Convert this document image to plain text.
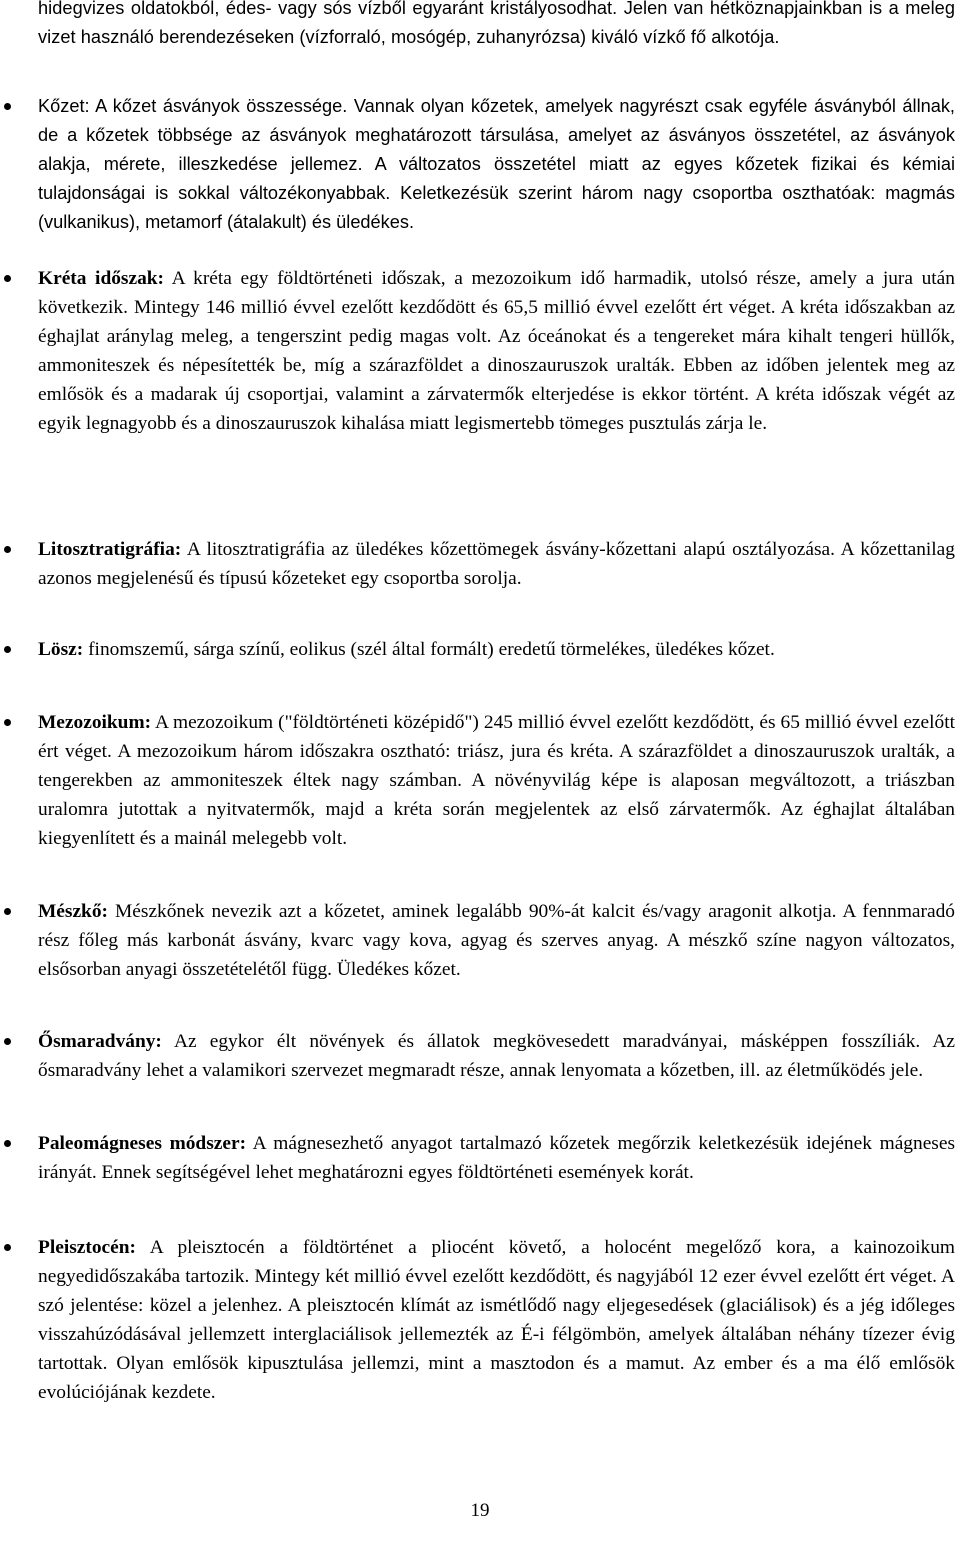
hidegvizes oldatokból, édes- vagy sós vízből egyaránt kristályosodhat. Jelen van hétköznapjainkban is a meleg vizet használó berendezéseken (vízforraló, mosógép, zuhanyrózsa) kiváló vízkő fő alkotója.

Kőzet: A kőzet ásványok összessége. Vannak olyan kőzetek, amelyek nagyrészt csak egyféle ásványból állnak, de a kőzetek többsége az ásványok meghatározott társulása, amelyet az ásványos összetétel, az ásványok alakja, mérete, illeszkedése jellemez. A változatos összetétel miatt az egyes kőzetek fizikai és kémiai tulajdonságai is sokkal változékonyabbak. Keletkezésük szerint három nagy csoportba oszthatóak: magmás (vulkanikus), metamorf (átalakult) és üledékes.

Kréta időszak: A kréta egy földtörténeti időszak, a mezozoikum idő harmadik, utolsó része, amely a jura után következik. Mintegy 146 millió évvel ezelőtt kezdődött és 65,5 millió évvel ezelőtt ért véget. A kréta időszakban az éghajlat aránylag meleg, a tengerszint pedig magas volt. Az óceánokat és a tengereket mára kihalt tengeri hüllők, ammoniteszek és népesítették be, míg a szárazföldet a dinoszauruszok uralták. Ebben az időben jelentek meg az emlősök és a madarak új csoportjai, valamint a zárvatermők elterjedése is ekkor történt. A kréta időszak végét az egyik legnagyobb és a dinoszauruszok kihalása miatt legismertebb tömeges pusztulás zárja le.

Litosztratigráfia: A litosztratigráfia az üledékes kőzettömegek ásvány-kőzettani alapú osztályozása. A kőzettanilag azonos megjelenésű és típusú kőzeteket egy csoportba sorolja.

Lösz: finomszemű, sárga színű, eolikus (szél által formált) eredetű törmelékes, üledékes kőzet.

Mezozoikum: A mezozoikum ("földtörténeti középidő") 245 millió évvel ezelőtt kezdődött, és 65 millió évvel ezelőtt ért véget. A mezozoikum három időszakra osztható: triász, jura és kréta. A szárazföldet a dinoszauruszok uralták, a tengerekben az ammoniteszek éltek nagy számban. A növényvilág képe is alaposan megváltozott, a triászban uralomra jutottak a nyitvatermők, majd a kréta során megjelentek az első zárvatermők. Az éghajlat általában kiegyenlített és a mainál melegebb volt.

Mészkő: Mészkőnek nevezik azt a kőzetet, aminek legalább 90%-át kalcit és/vagy aragonit alkotja. A fennmaradó rész főleg más karbonát ásvány, kvarc vagy kova, agyag és szerves anyag. A mészkő színe nagyon változatos, elsősorban anyagi összetételétől függ. Üledékes kőzet.

Ősmaradvány: Az egykor élt növények és állatok megkövesedett maradványai, másképpen fosszíliák. Az ősmaradvány lehet a valamikori szervezet megmaradt része, annak lenyomata a kőzetben, ill. az életműködés jele.

Paleomágneses módszer: A mágnesezhető anyagot tartalmazó kőzetek megőrzik keletkezésük idejének mágneses irányát. Ennek segítségével lehet meghatározni egyes földtörténeti események korát.

Pleisztocén: A pleisztocén a földtörténet a pliocént követő, a holocént megelőző kora, a kainozoikum negyedidőszakába tartozik. Mintegy két millió évvel ezelőtt kezdődött, és nagyjából 12 ezer évvel ezelőtt ért véget. A szó jelentése: közel a jelenhez. A pleisztocén klímát az ismétlődő nagy eljegesedések (glaciálisok) és a jég időleges visszahúzódásával jellemzett interglaciálisok jellemezték az É-i félgömbön, amelyek általában néhány tízezer évig tartottak. Olyan emlősök kipusztulása jellemzi, mint a masztodon és a mamut. Az ember és a ma élő emlősök evolúciójának kezdete.

19
